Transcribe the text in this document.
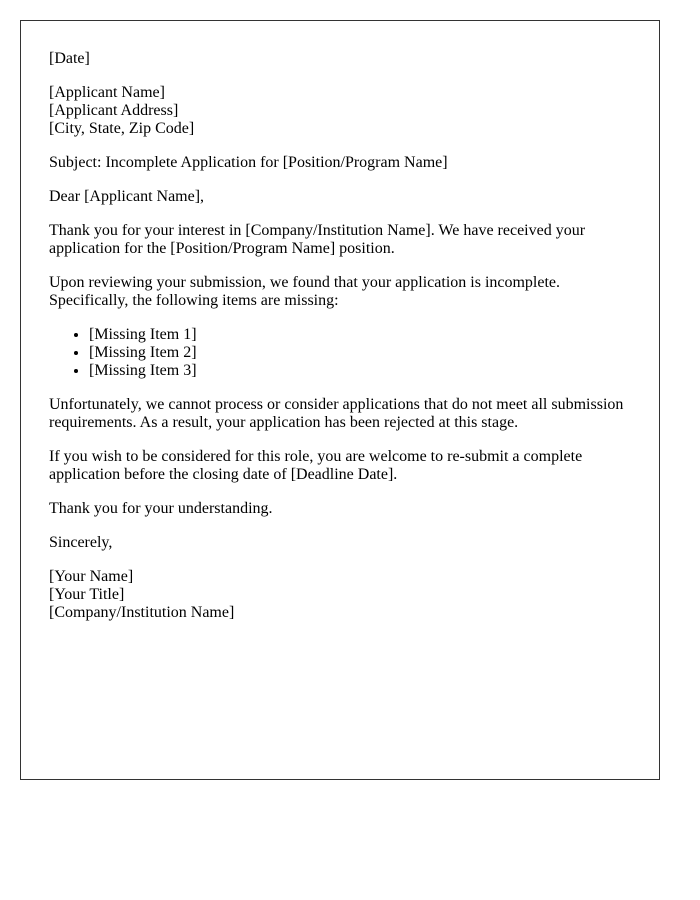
[Date]

[Applicant Name]
[Applicant Address]
[City, State, Zip Code]

Subject: Incomplete Application for [Position/Program Name]

Dear [Applicant Name],

Thank you for your interest in [Company/Institution Name]. We have received your application for the [Position/Program Name] position.

Upon reviewing your submission, we found that your application is incomplete. Specifically, the following items are missing:

• [Missing Item 1]
• [Missing Item 2]
• [Missing Item 3]

Unfortunately, we cannot process or consider applications that do not meet all submission requirements. As a result, your application has been rejected at this stage.

If you wish to be considered for this role, you are welcome to re-submit a complete application before the closing date of [Deadline Date].

Thank you for your understanding.

Sincerely,

[Your Name]
[Your Title]
[Company/Institution Name]
